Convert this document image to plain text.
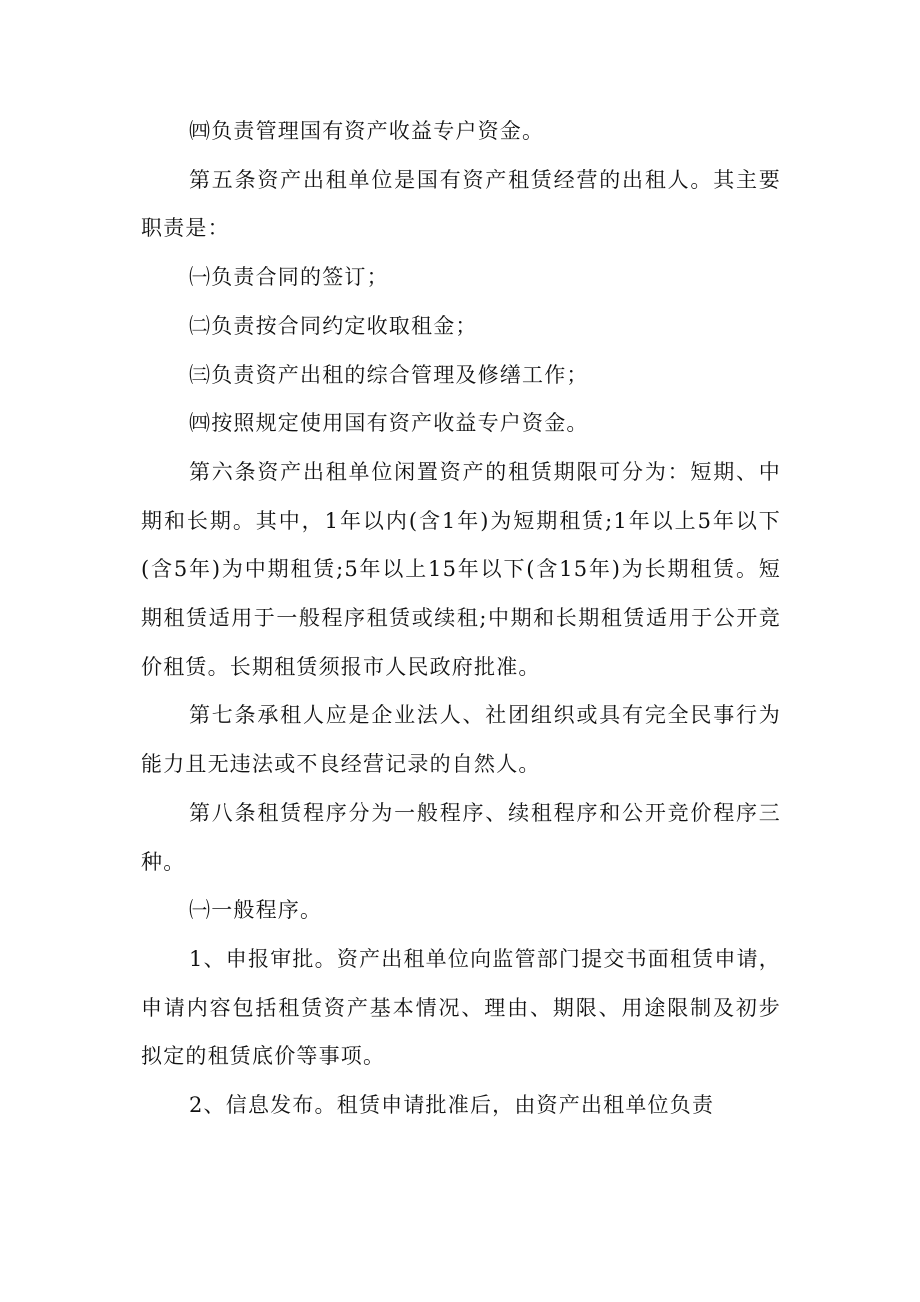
㈣负责管理国有资产收益专户资金。

第五条资产出租单位是国有资产租赁经营的出租人。其主要职责是：

㈠负责合同的签订；

㈡负责按合同约定收取租金；

㈢负责资产出租的综合管理及修缮工作；

㈣按照规定使用国有资产收益专户资金。

第六条资产出租单位闲置资产的租赁期限可分为：短期、中期和长期。其中，1年以内(含1年)为短期租赁;1年以上5年以下(含5年)为中期租赁;5年以上15年以下(含15年)为长期租赁。短期租赁适用于一般程序租赁或续租;中期和长期租赁适用于公开竞价租赁。长期租赁须报市人民政府批准。

第七条承租人应是企业法人、社团组织或具有完全民事行为能力且无违法或不良经营记录的自然人。

第八条租赁程序分为一般程序、续租程序和公开竞价程序三种。

㈠一般程序。

1、申报审批。资产出租单位向监管部门提交书面租赁申请，申请内容包括租赁资产基本情况、理由、期限、用途限制及初步拟定的租赁底价等事项。

2、信息发布。租赁申请批准后，由资产出租单位负责
